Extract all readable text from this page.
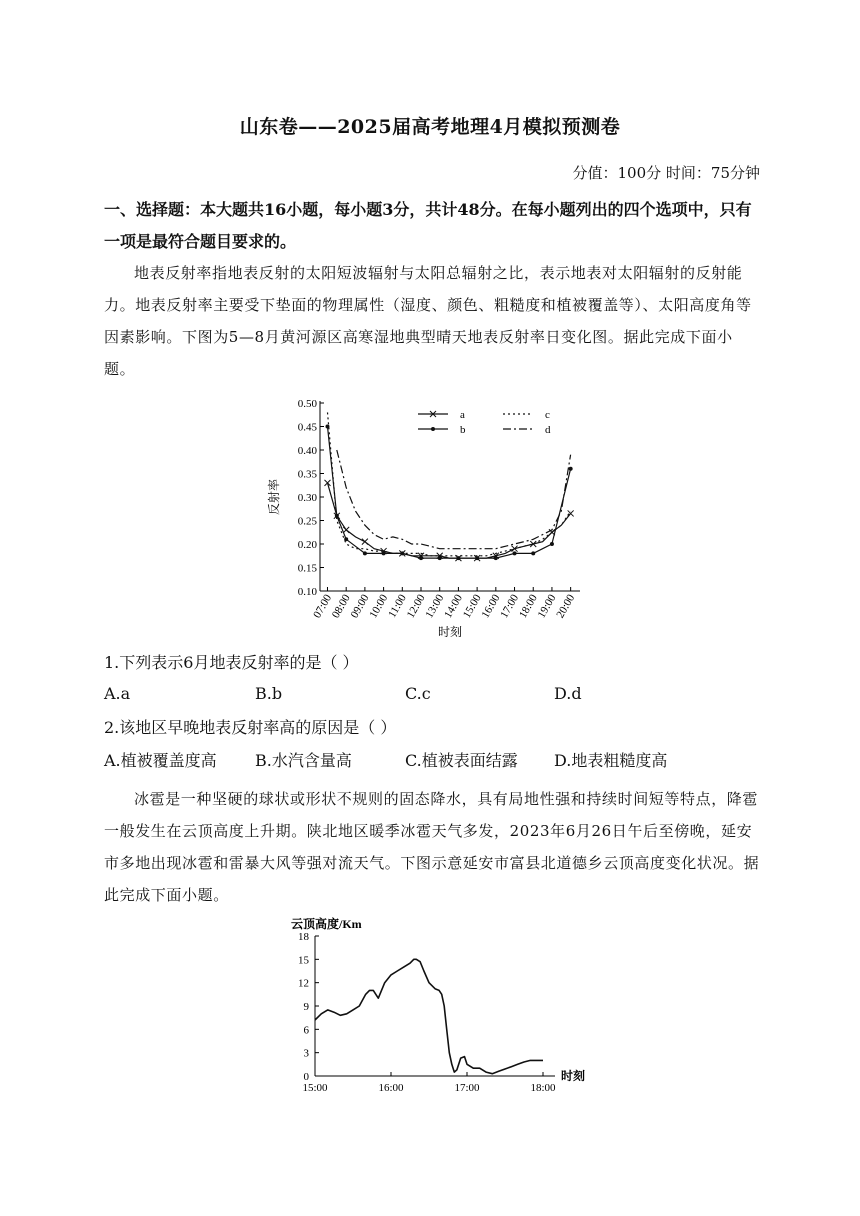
山东卷——2025届高考地理4月模拟预测卷
分值：100分 时间：75分钟
一、选择题：本大题共16小题，每小题3分，共计48分。在每小题列出的四个选项中，只有一项是最符合题目要求的。
地表反射率指地表反射的太阳短波辐射与太阳总辐射之比，表示地表对太阳辐射的反射能力。地表反射率主要受下垫面的物理属性（湿度、颜色、粗糙度和植被覆盖等）、太阳高度角等因素影响。下图为5—8月黄河源区高寒湿地典型晴天地表反射率日变化图。据此完成下面小题。
0.50
0.45
0.40
0.35
0.30
0.25
0.20
0.15
0.10
07:00
08:00
09:00
10:00
11:00
12:00
13:00
14:00
15:00
16:00
17:00
18:00
19:00
20:00
反射率
时刻
a
b
c
d
1.下列表示6月地表反射率的是（ ）
A.a	B.b	C.c	D.d
2.该地区早晚地表反射率高的原因是（ ）
A.植被覆盖度高 B.水汽含量高	C.植被表面结露 D.地表粗糙度高
冰雹是一种坚硬的球状或形状不规则的固态降水，具有局地性强和持续时间短等特点，降雹一般发生在云顶高度上升期。陕北地区暖季冰雹天气多发，2023年6月26日午后至傍晚，延安市多地出现冰雹和雷暴大风等强对流天气。下图示意延安市富县北道德乡云顶高度变化状况。据此完成下面小题。
云顶高度/Km
18
15
12
9
6
3
0
15:00	16:00	17:00	18:00
时刻
